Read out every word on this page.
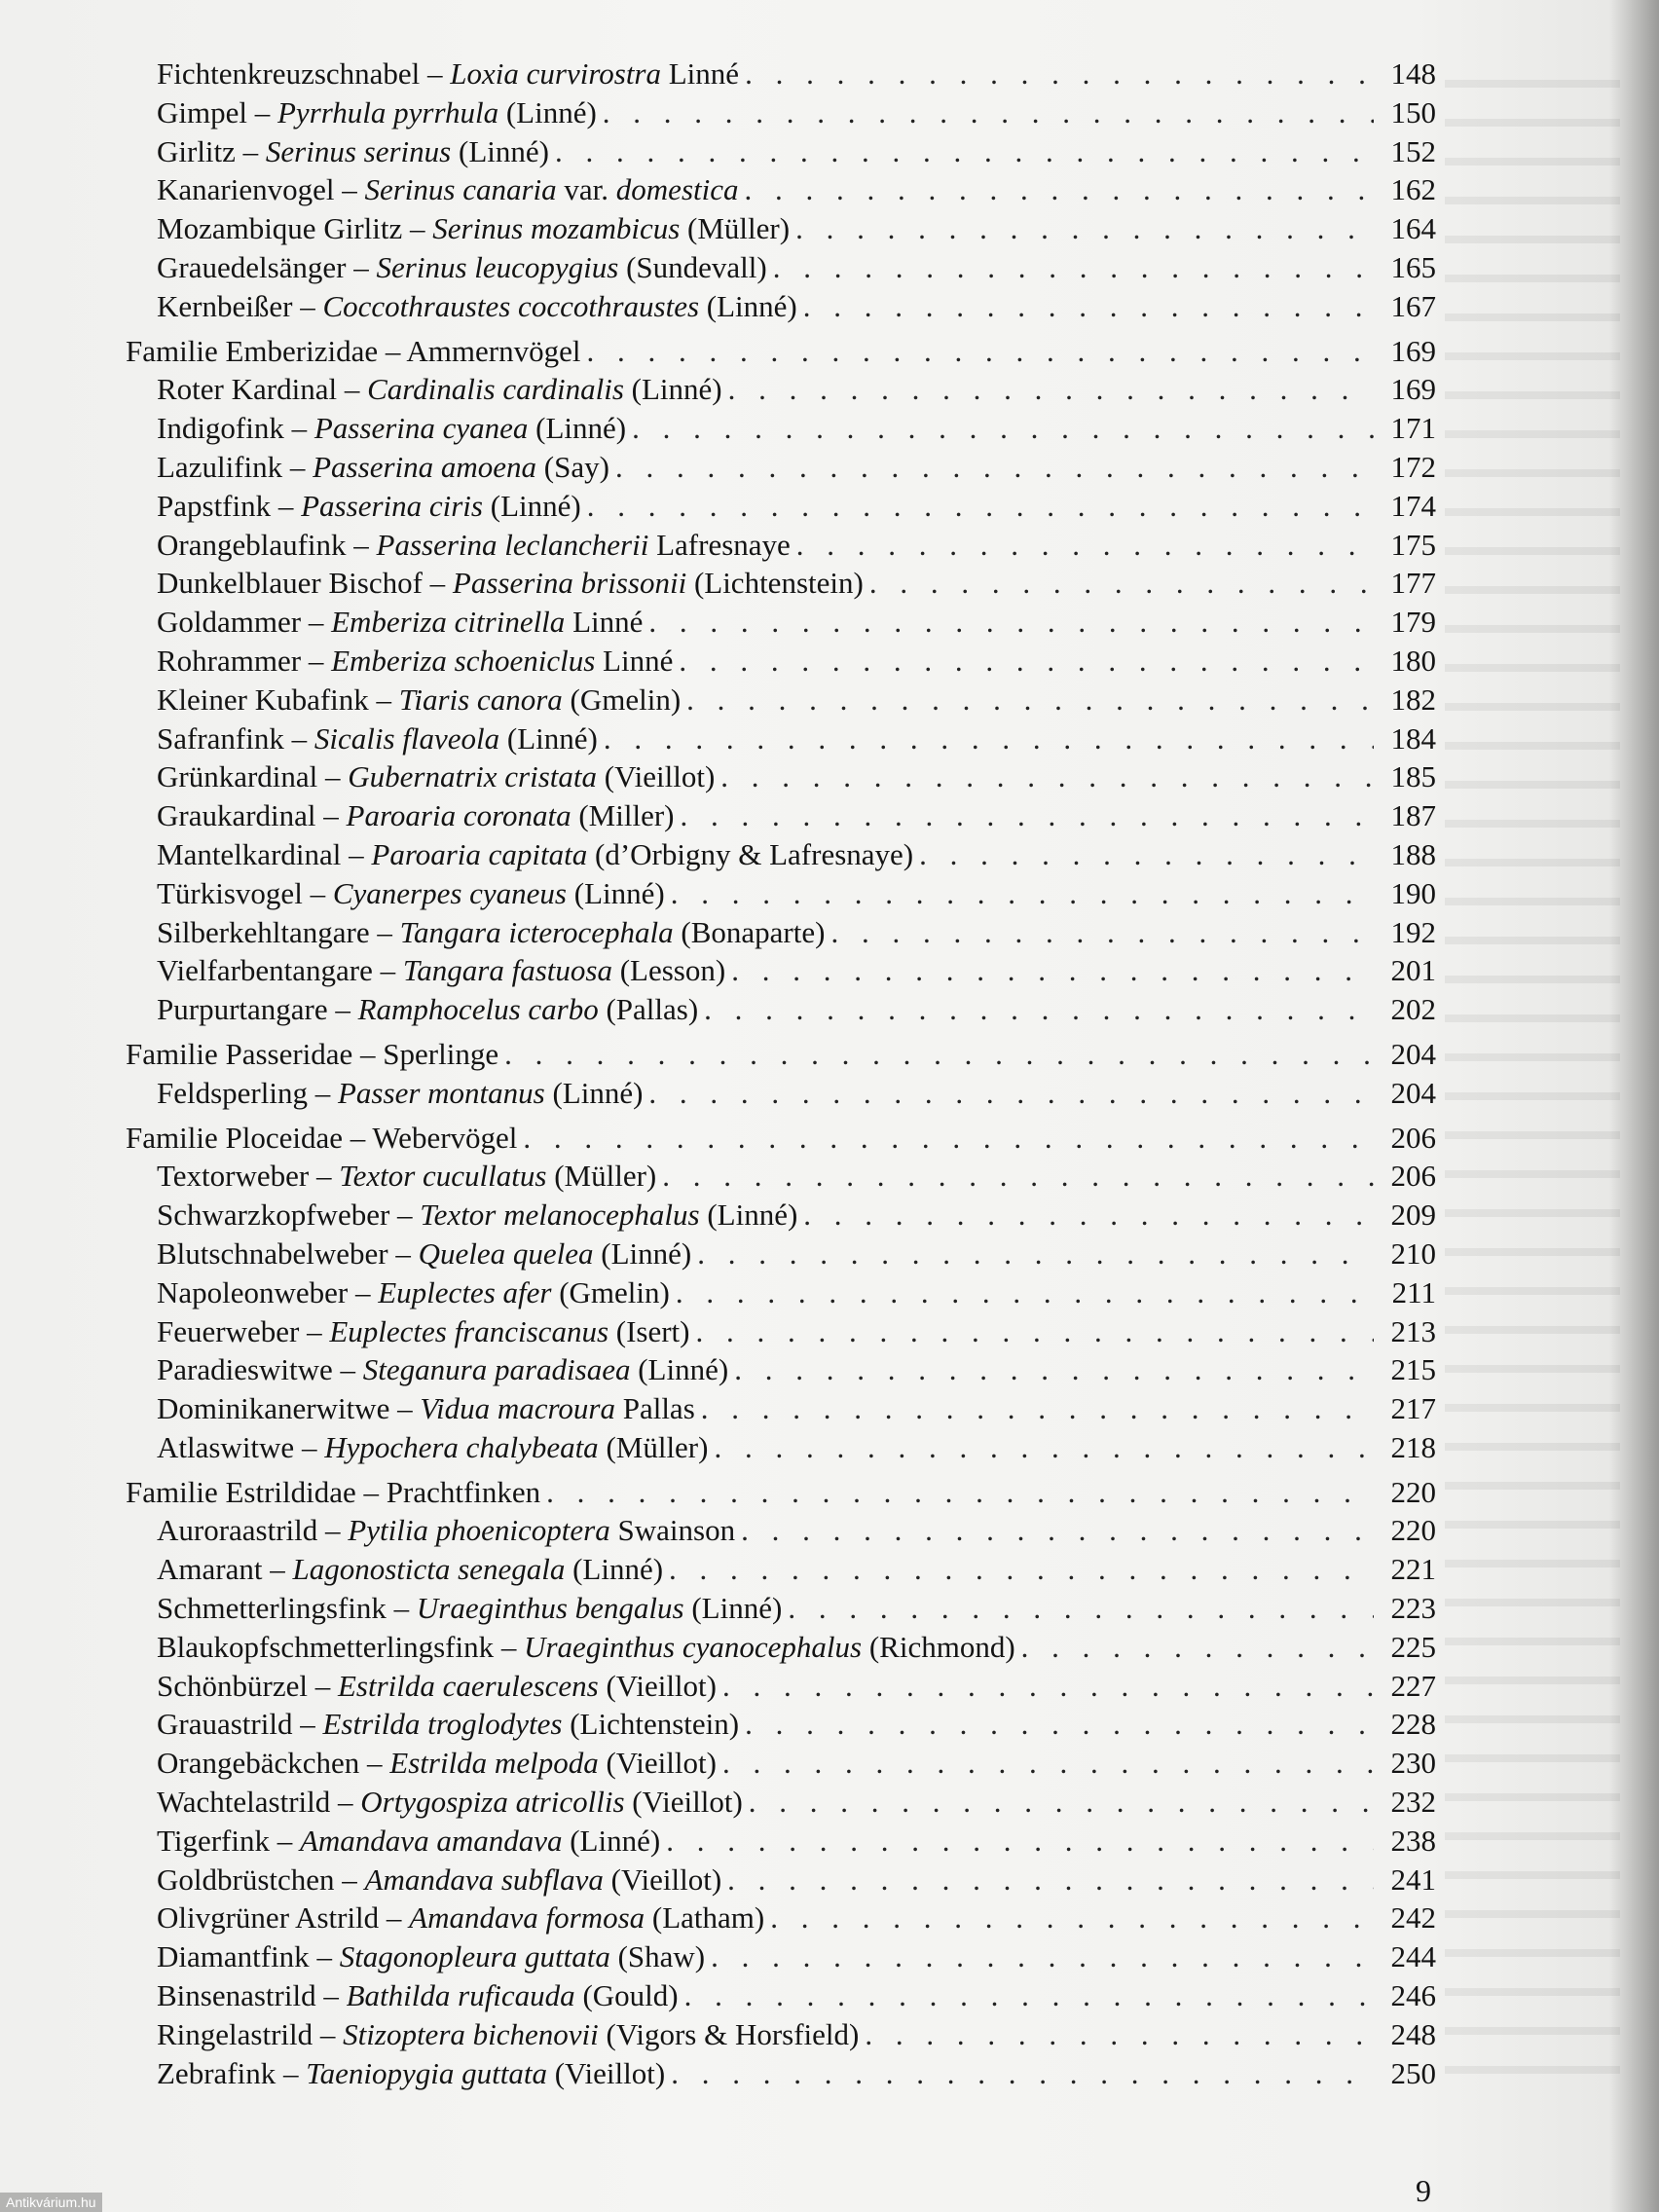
Fichtenkreuzschnabel – Loxia curvirostra Linné . . .	148
Gimpel – Pyrrhula pyrrhula (Linné) . . .	150
Girlitz – Serinus serinus (Linné) . . .	152
Kanarienvogel – Serinus canaria var. domestica . . .	162
Mozambique Girlitz – Serinus mozambicus (Müller) . . .	164
Grauedelsänger – Serinus leucopygius (Sundevall) . . .	165
Kernbeißer – Coccothraustes coccothraustes (Linné) . . .	167
Familie Emberizidae – Ammernvögel . . .	169
Roter Kardinal – Cardinalis cardinalis (Linné) . . .	169
Indigofink – Passerina cyanea (Linné) . . .	171
Lazulifink – Passerina amoena (Say) . . .	172
Papstfink – Passerina ciris (Linné) . . .	174
Orangeblaufink – Passerina leclancherii Lafresnaye . . .	175
Dunkelblauer Bischof – Passerina brissonii (Lichtenstein) . . .	177
Goldammer – Emberiza citrinella Linné . . .	179
Rohrammer – Emberiza schoeniclus Linné . . .	180
Kleiner Kubafink – Tiaris canora (Gmelin) . . .	182
Safranfink – Sicalis flaveola (Linné) . . .	184
Grünkardinal – Gubernatrix cristata (Vieillot) . . .	185
Graukardinal – Paroaria coronata (Miller) . . .	187
Mantelkardinal – Paroaria capitata (d’Orbigny & Lafresnaye) . . .	188
Türkisvogel – Cyanerpes cyaneus (Linné) . . .	190
Silberkehltangare – Tangara icterocephala (Bonaparte) . . .	192
Vielfarbentangare – Tangara fastuosa (Lesson) . . .	201
Purpurtangare – Ramphocelus carbo (Pallas) . . .	202
Familie Passeridae – Sperlinge . . .	204
Feldsperling – Passer montanus (Linné) . . .	204
Familie Ploceidae – Webervögel . . .	206
Textorweber – Textor cucullatus (Müller) . . .	206
Schwarzkopfweber – Textor melanocephalus (Linné) . . .	209
Blutschnabelweber – Quelea quelea (Linné) . . .	210
Napoleonweber – Euplectes afer (Gmelin) . . .	211
Feuerweber – Euplectes franciscanus (Isert) . . .	213
Paradieswitwe – Steganura paradisaea (Linné) . . .	215
Dominikanerwitwe – Vidua macroura Pallas . . .	217
Atlaswitwe – Hypochera chalybeata (Müller) . . .	218
Familie Estrildidae – Prachtfinken . . .	220
Auroraastrild – Pytilia phoenicoptera Swainson . . .	220
Amarant – Lagonosticta senegala (Linné) . . .	221
Schmetterlingsfink – Uraeginthus bengalus (Linné) . . .	223
Blaukopfschmetterlingsfink – Uraeginthus cyanocephalus (Richmond) . . .	225
Schönbürzel – Estrilda caerulescens (Vieillot) . . .	227
Grauastrild – Estrilda troglodytes (Lichtenstein) . . .	228
Orangebäckchen – Estrilda melpoda (Vieillot) . . .	230
Wachtelastrild – Ortygospiza atricollis (Vieillot) . . .	232
Tigerfink – Amandava amandava (Linné) . . .	238
Goldbrüstchen – Amandava subflava (Vieillot) . . .	241
Olivgrüner Astrild – Amandava formosa (Latham) . . .	242
Diamantfink – Stagonopleura guttata (Shaw) . . .	244
Binsenastrild – Bathilda ruficauda (Gould) . . .	246
Ringelastrild – Stizoptera bichenovii (Vigors & Horsfield) . . .	248
Zebrafink – Taeniopygia guttata (Vieillot) . . .	250
9
Antikvárium.hu
